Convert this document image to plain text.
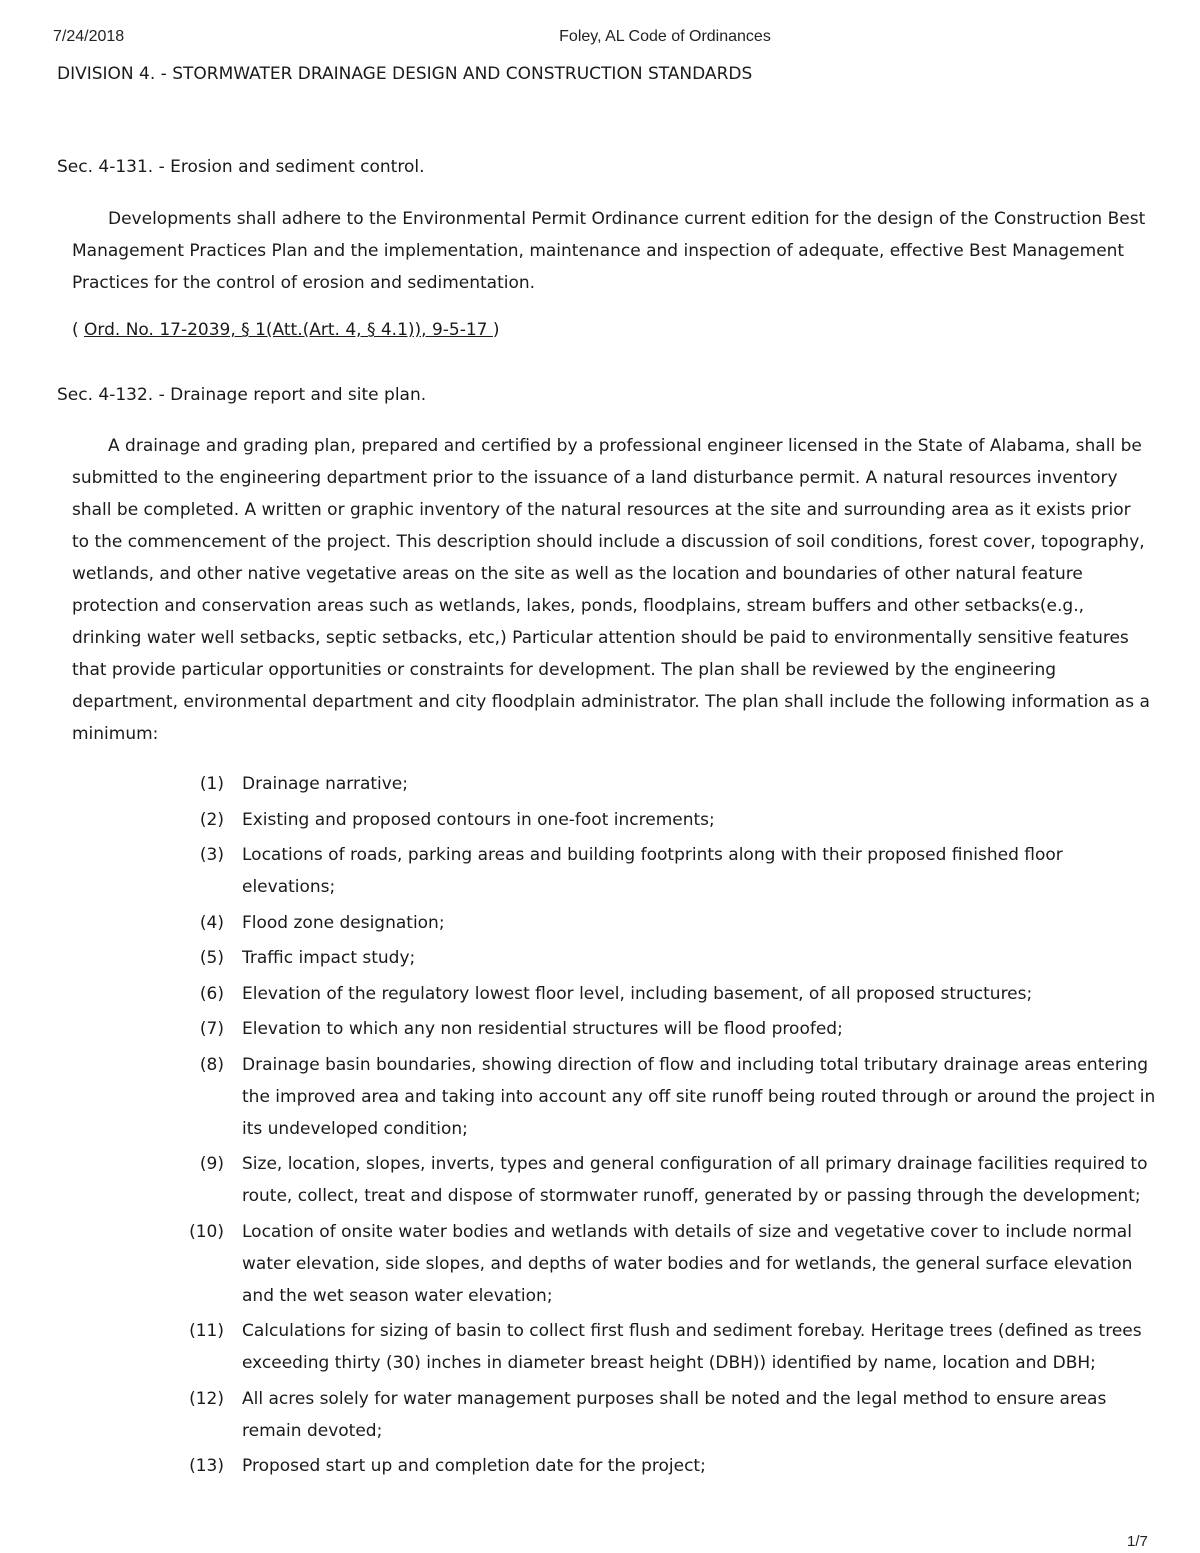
7/24/2018	Foley, AL Code of Ordinances
DIVISION 4. - STORMWATER DRAINAGE DESIGN AND CONSTRUCTION STANDARDS
Sec. 4-131. - Erosion and sediment control.

Developments shall adhere to the Environmental Permit Ordinance current edition for the design of the Construction Best Management Practices Plan and the implementation, maintenance and inspection of adequate, effective Best Management Practices for the control of erosion and sedimentation.

( Ord. No. 17-2039, § 1(Att.(Art. 4, § 4.1)), 9-5-17 )
Sec. 4-132. - Drainage report and site plan.

A drainage and grading plan, prepared and certified by a professional engineer licensed in the State of Alabama, shall be submitted to the engineering department prior to the issuance of a land disturbance permit. A natural resources inventory shall be completed. A written or graphic inventory of the natural resources at the site and surrounding area as it exists prior to the commencement of the project. This description should include a discussion of soil conditions, forest cover, topography, wetlands, and other native vegetative areas on the site as well as the location and boundaries of other natural feature protection and conservation areas such as wetlands, lakes, ponds, floodplains, stream buffers and other setbacks(e.g., drinking water well setbacks, septic setbacks, etc,) Particular attention should be paid to environmentally sensitive features that provide particular opportunities or constraints for development. The plan shall be reviewed by the engineering department, environmental department and city floodplain administrator. The plan shall include the following information as a minimum:

(1)	Drainage narrative;
(2)	Existing and proposed contours in one-foot increments;
(3)	Locations of roads, parking areas and building footprints along with their proposed finished floor elevations;
(4)	Flood zone designation;
(5)	Traffic impact study;
(6)	Elevation of the regulatory lowest floor level, including basement, of all proposed structures;
(7)	Elevation to which any non residential structures will be flood proofed;
(8)	Drainage basin boundaries, showing direction of flow and including total tributary drainage areas entering the improved area and taking into account any off site runoff being routed through or around the project in its undeveloped condition;
(9)	Size, location, slopes, inverts, types and general configuration of all primary drainage facilities required to route, collect, treat and dispose of stormwater runoff, generated by or passing through the development;
(10)	Location of onsite water bodies and wetlands with details of size and vegetative cover to include normal water elevation, side slopes, and depths of water bodies and for wetlands, the general surface elevation and the wet season water elevation;
(11)	Calculations for sizing of basin to collect first flush and sediment forebay. Heritage trees (defined as trees exceeding thirty (30) inches in diameter breast height (DBH)) identified by name, location and DBH;
(12)	All acres solely for water management purposes shall be noted and the legal method to ensure areas remain devoted;
(13)	Proposed start up and completion date for the project;
1/7
